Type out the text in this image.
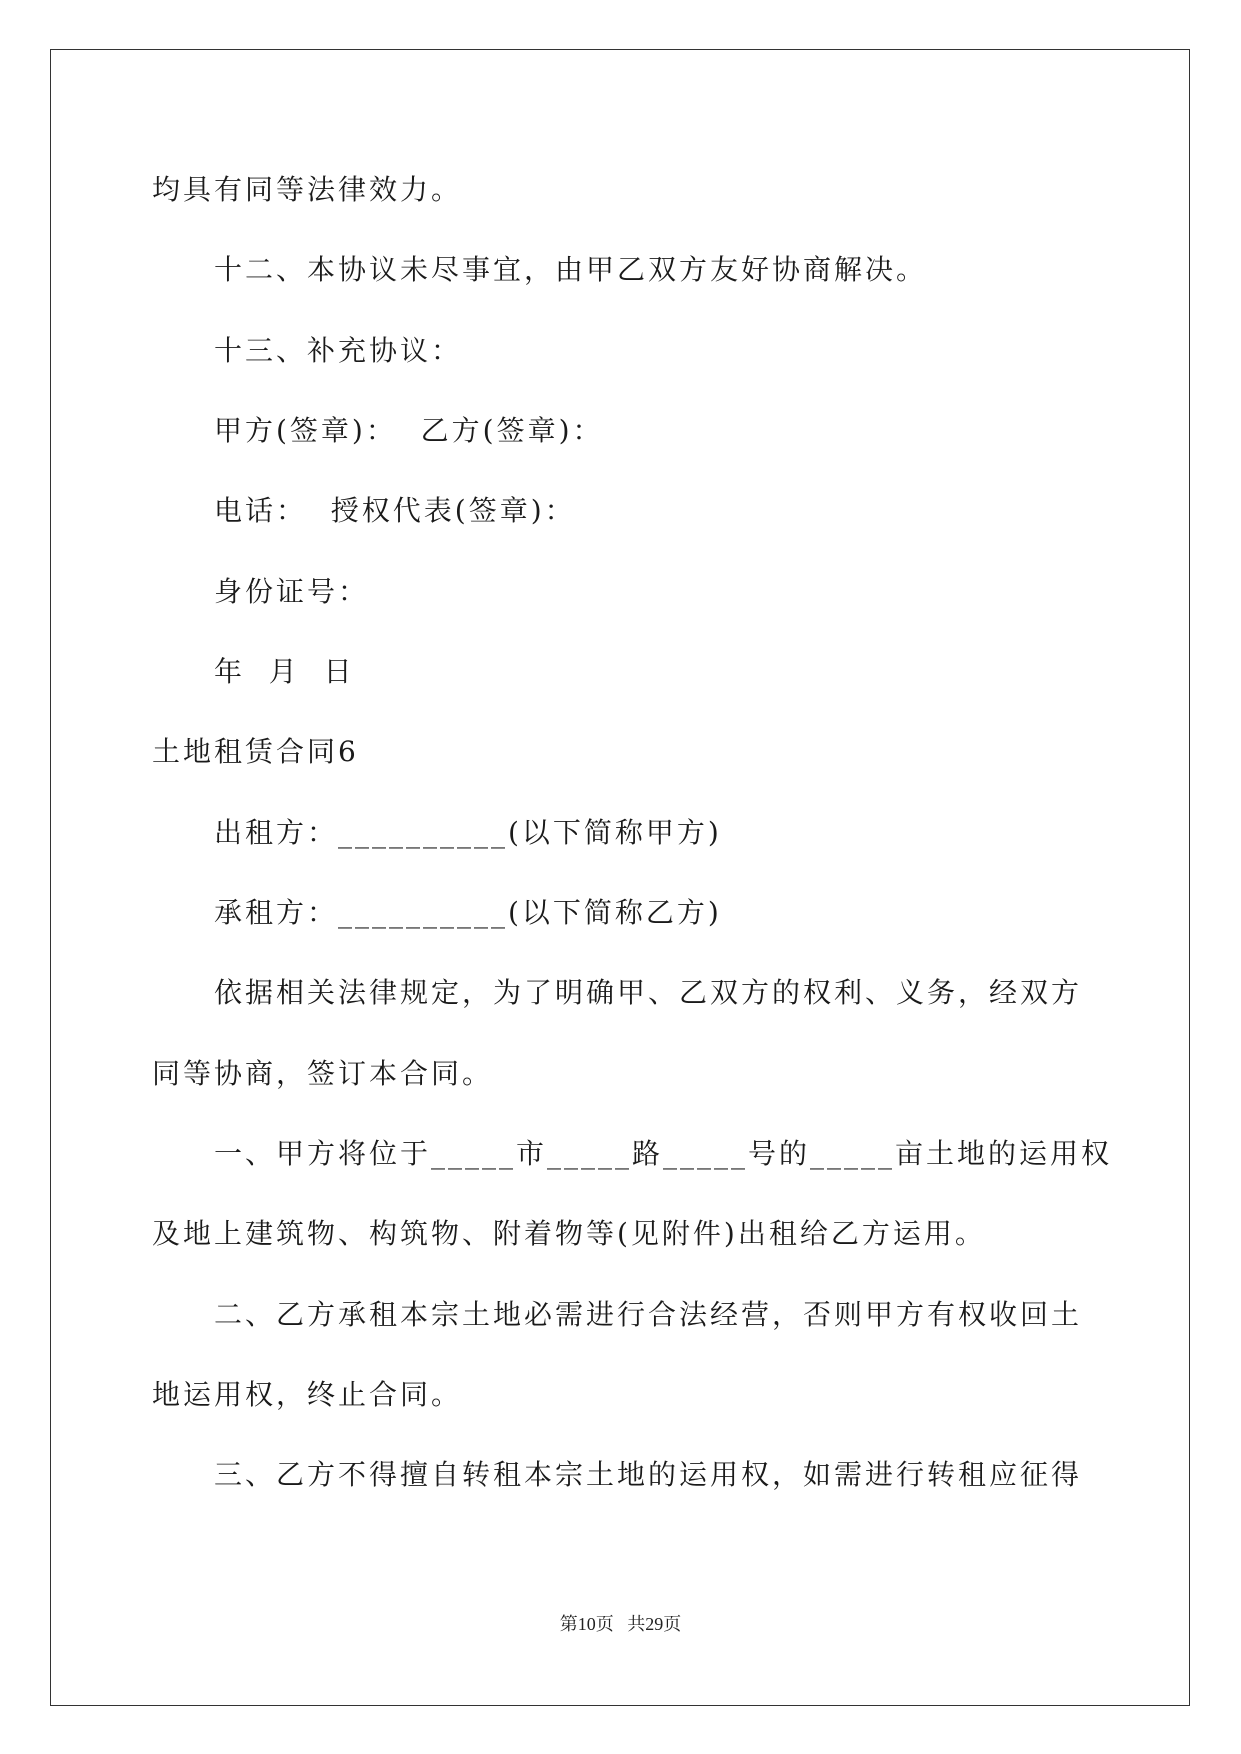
均具有同等法律效力。
十二、本协议未尽事宜，由甲乙双方友好协商解决。
十三、补充协议：
甲方(签章)：  乙方(签章)：
电话：  授权代表(签章)：
身份证号：
年  月  日
土地租赁合同6
出租方：__________(以下简称甲方)
承租方：__________(以下简称乙方)
依据相关法律规定，为了明确甲、乙双方的权利、义务，经双方
同等协商，签订本合同。
一、甲方将位于_____市_____路_____号的_____亩土地的运用权
及地上建筑物、构筑物、附着物等(见附件)出租给乙方运用。
二、乙方承租本宗土地必需进行合法经营，否则甲方有权收回土
地运用权，终止合同。
三、乙方不得擅自转租本宗土地的运用权，如需进行转租应征得
第10页   共29页
